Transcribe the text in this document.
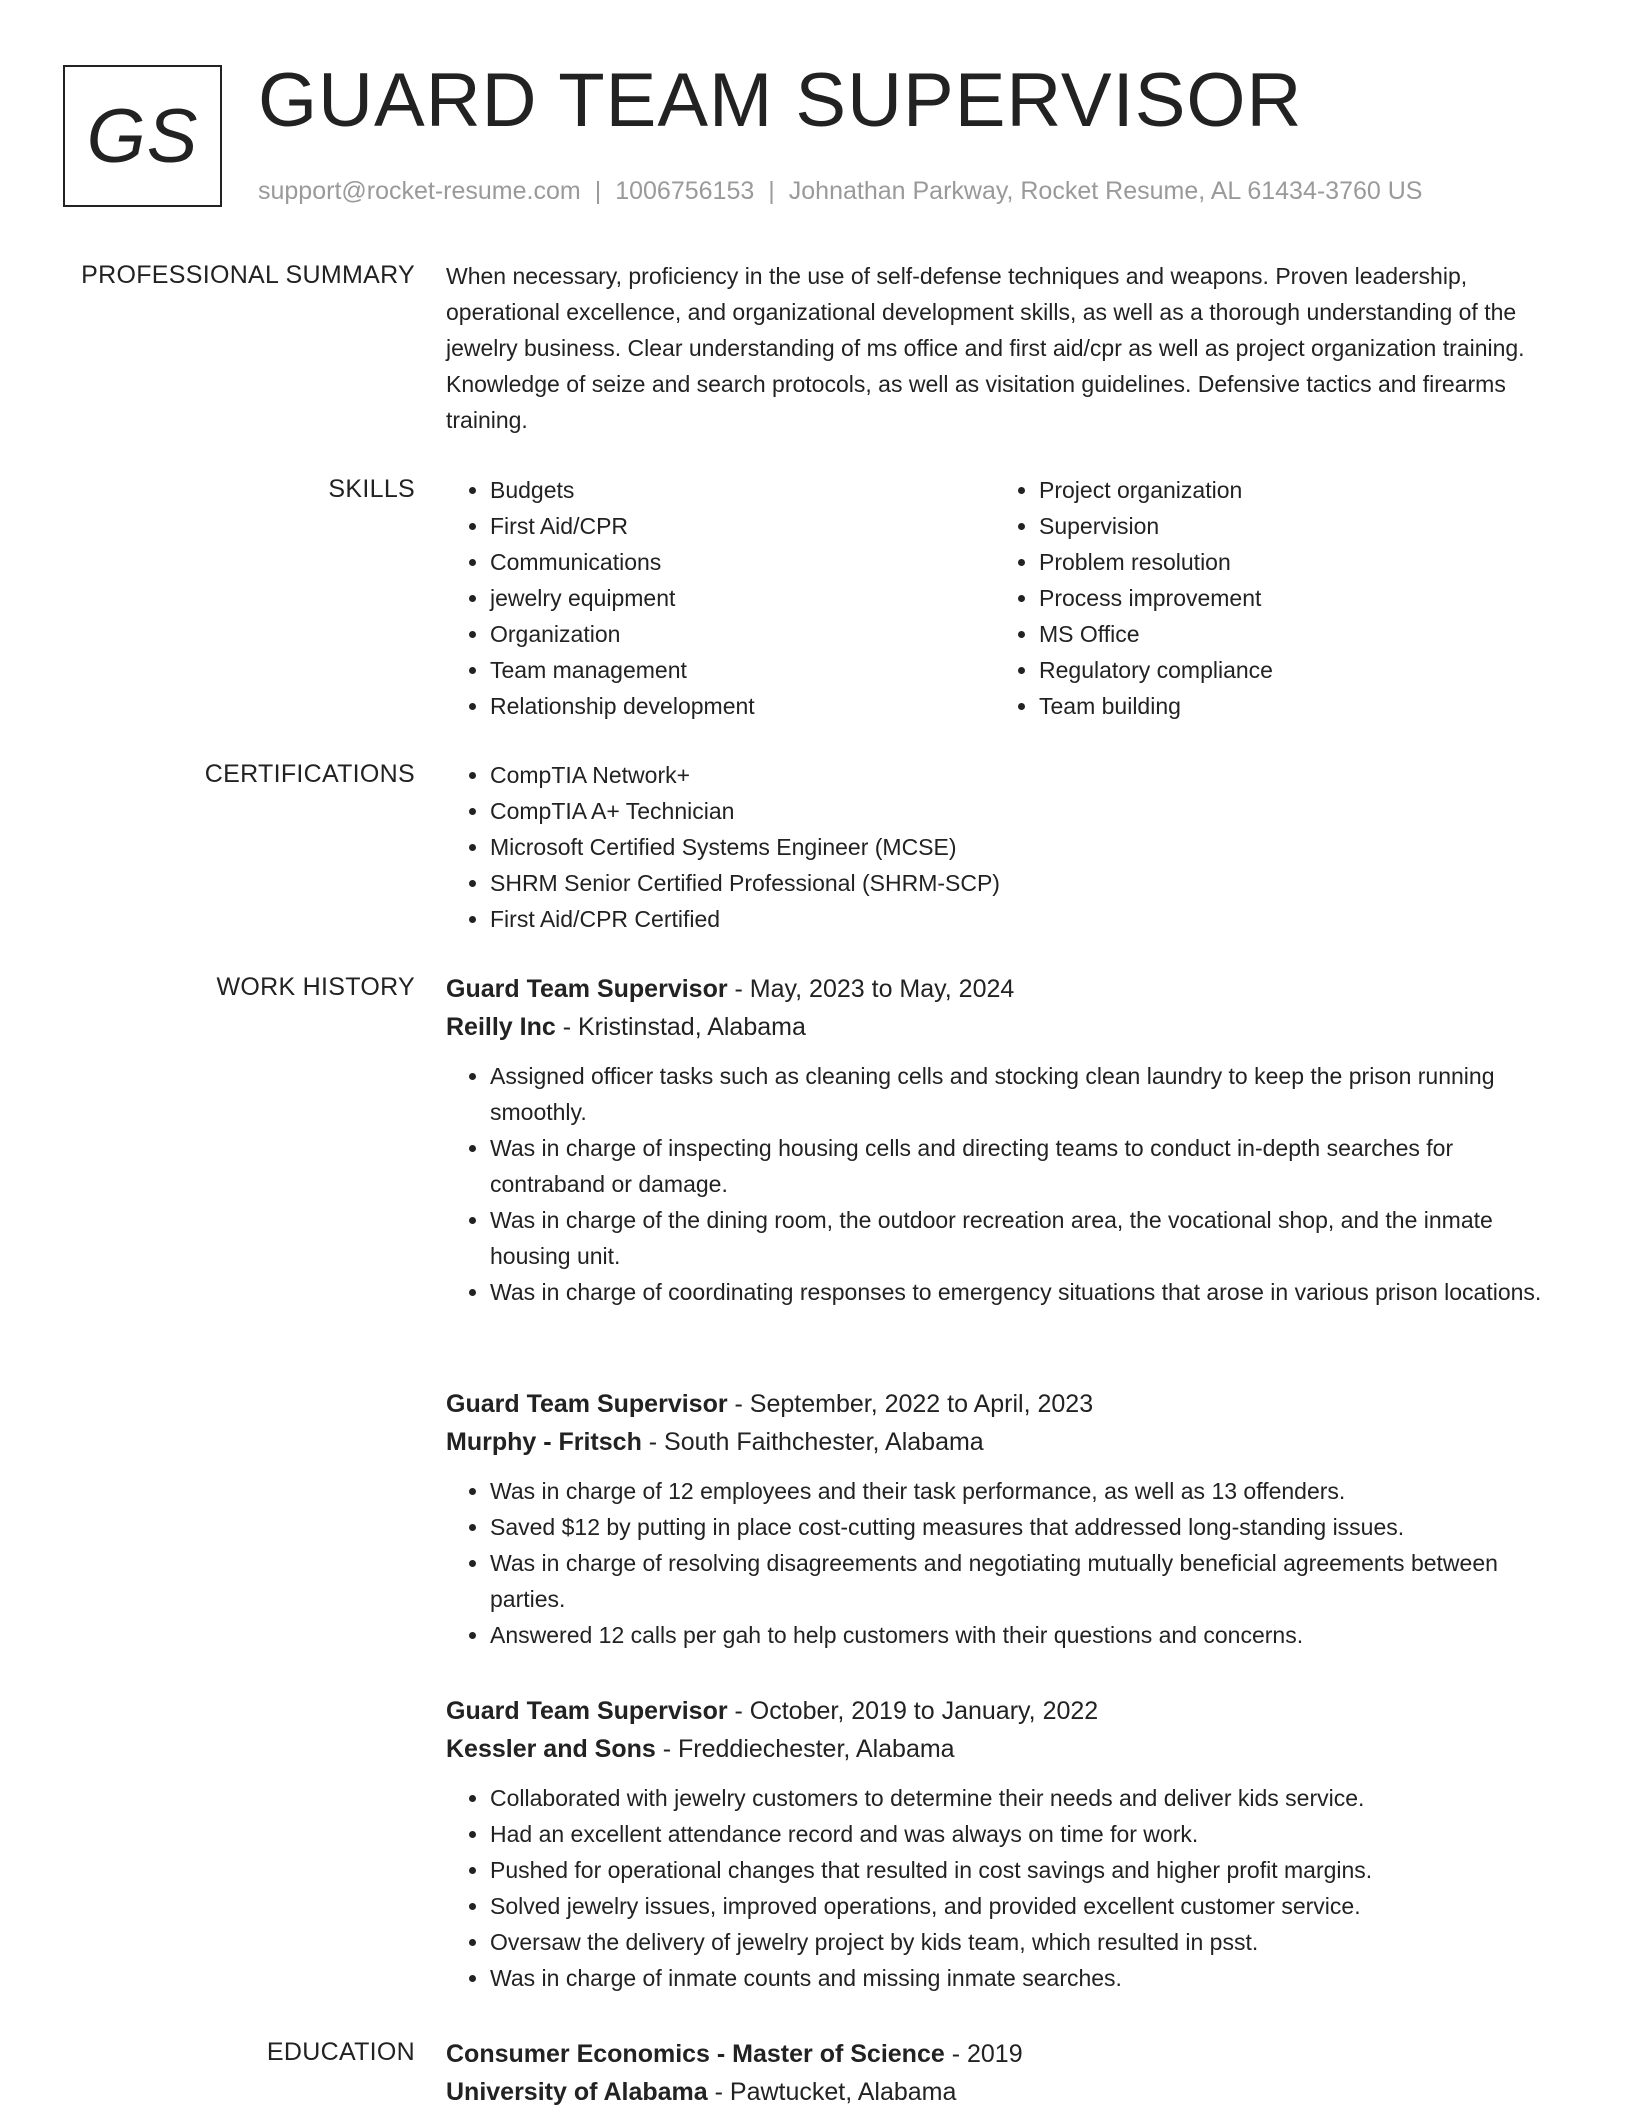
GS GUARD TEAM SUPERVISOR
support@rocket-resume.com | 1006756153 | Johnathan Parkway, Rocket Resume, AL 61434-3760 US
PROFESSIONAL SUMMARY When necessary, proficiency in the use of self-defense techniques and weapons. Proven leadership, operational excellence, and organizational development skills, as well as a thorough understanding of the jewelry business. Clear understanding of ms office and first aid/cpr as well as project organization training. Knowledge of seize and search protocols, as well as visitation guidelines. Defensive tactics and firearms training.

SKILLS	• Budgets
• First Aid/CPR
• Communications
• jewelry equipment
• Organization
• Team management
• Relationship development
• Project organization
• Supervision
• Problem resolution
• Process improvement
• MS Office
• Regulatory compliance
• Team building
CERTIFICATIONS	• CompTIA Network+
• CompTIA A+ Technician
• Microsoft Certified Systems Engineer (MCSE)
• SHRM Senior Certified Professional (SHRM-SCP)
• First Aid/CPR Certified
WORK HISTORY Guard Team Supervisor - May, 2023 to May, 2024
Reilly Inc - Kristinstad, Alabama
• Assigned officer tasks such as cleaning cells and stocking clean laundry to keep the prison running smoothly.
• Was in charge of inspecting housing cells and directing teams to conduct in-depth searches for contraband or damage.
• Was in charge of the dining room, the outdoor recreation area, the vocational shop, and the inmate housing unit.
• Was in charge of coordinating responses to emergency situations that arose in various prison locations.
Guard Team Supervisor - September, 2022 to April, 2023
Murphy - Fritsch - South Faithchester, Alabama
• Was in charge of 12 employees and their task performance, as well as 13 offenders.
• Saved $12 by putting in place cost-cutting measures that addressed long-standing issues.
• Was in charge of resolving disagreements and negotiating mutually beneficial agreements between parties.
• Answered 12 calls per gah to help customers with their questions and concerns.
Guard Team Supervisor - October, 2019 to January, 2022
Kessler and Sons - Freddiechester, Alabama
• Collaborated with jewelry customers to determine their needs and deliver kids service.
• Had an excellent attendance record and was always on time for work.
• Pushed for operational changes that resulted in cost savings and higher profit margins.
• Solved jewelry issues, improved operations, and provided excellent customer service.
• Oversaw the delivery of jewelry project by kids team, which resulted in psst.
• Was in charge of inmate counts and missing inmate searches.
EDUCATION Consumer Economics - Master of Science - 2019
University of Alabama - Pawtucket, Alabama
